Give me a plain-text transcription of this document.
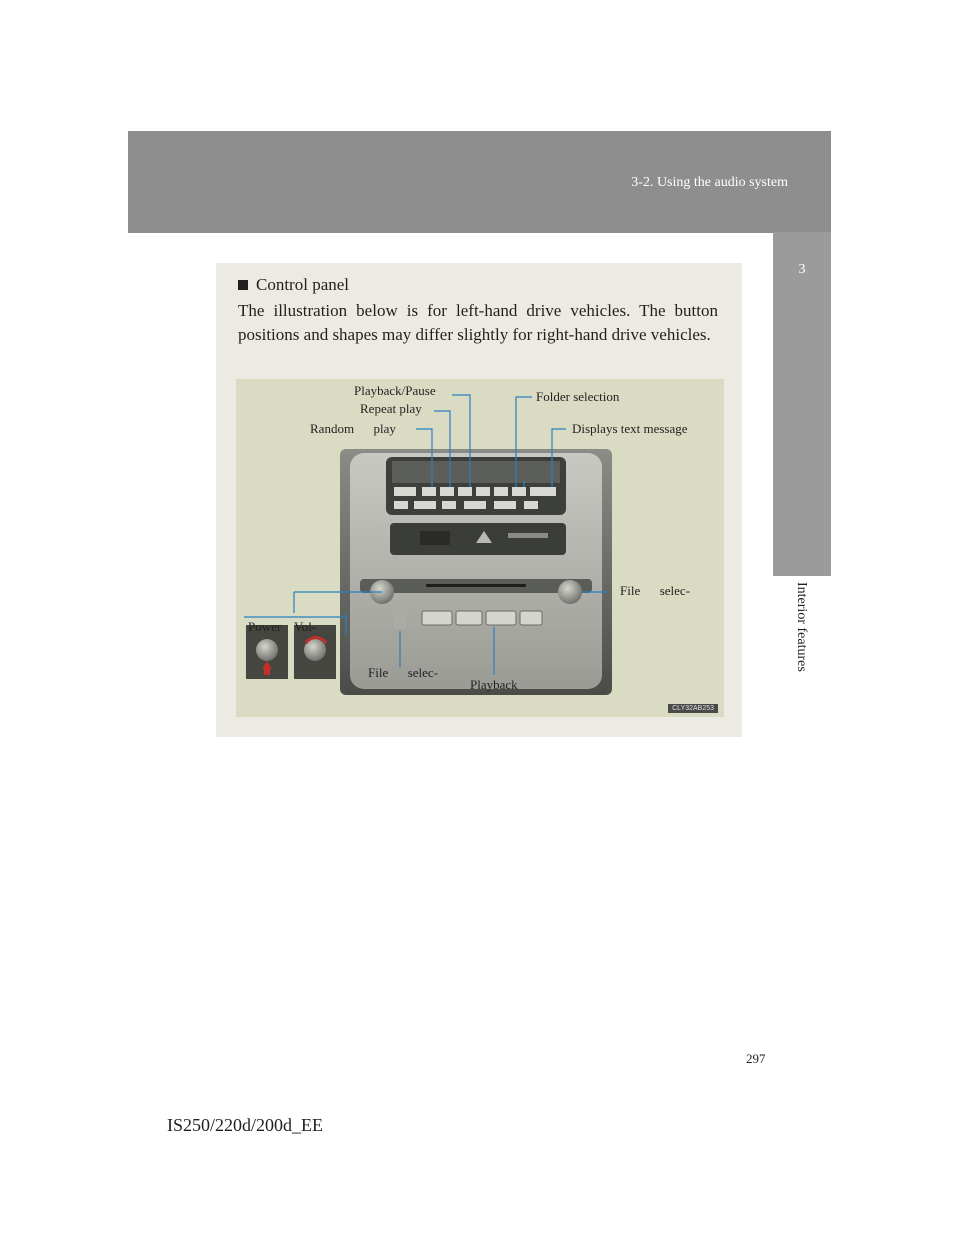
3-2. Using the audio system
3
Interior features
Control panel
The illustration below is for left-hand drive vehicles. The button positions and shapes may differ slightly for right-hand drive vehicles.
Playback/Pause
Repeat play
Random      play
Folder selection
Displays text message
File      selec-
Power    Vol-
File      selec-
Playback
CLY32AB253
297
IS250/220d/200d_EE
